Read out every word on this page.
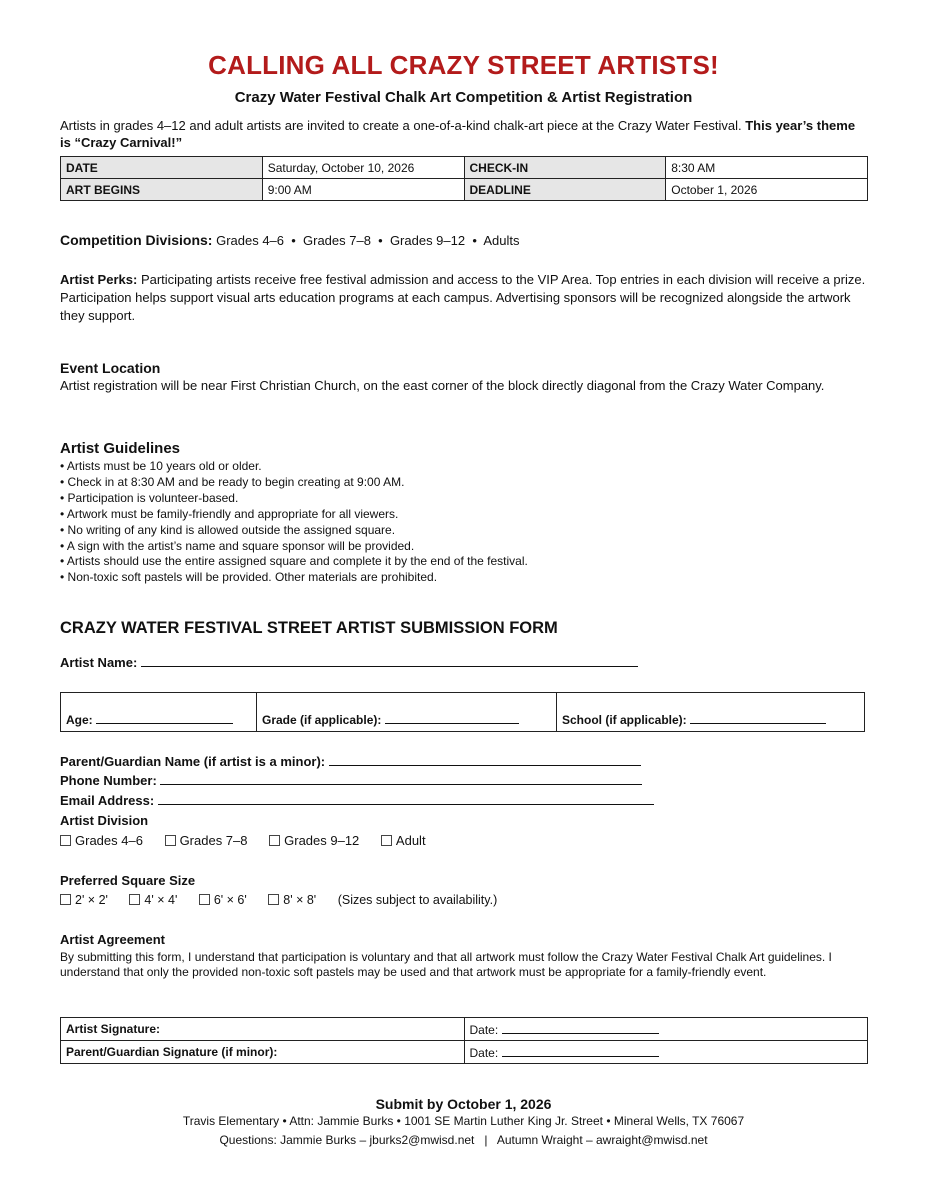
CALLING ALL CRAZY STREET ARTISTS!
Crazy Water Festival Chalk Art Competition & Artist Registration
Artists in grades 4–12 and adult artists are invited to create a one-of-a-kind chalk-art piece at the Crazy Water Festival. This year’s theme is “Crazy Carnival!”
DATE	Saturday, October 10, 2026	CHECK-IN	8:30 AM
ART BEGINS	9:00 AM	DEADLINE	October 1, 2026
Competition Divisions: Grades 4–6  •  Grades 7–8  •  Grades 9–12  •  Adults
Artist Perks: Participating artists receive free festival admission and access to the VIP Area. Top entries in each division will receive a prize. Participation helps support visual arts education programs at each campus. Advertising sponsors will be recognized alongside the artwork they support.
Event Location
Artist registration will be near First Christian Church, on the east corner of the block directly diagonal from the Crazy Water Company.
Artist Guidelines
• Artists must be 10 years old or older.
• Check in at 8:30 AM and be ready to begin creating at 9:00 AM.
• Participation is volunteer-based.
• Artwork must be family-friendly and appropriate for all viewers.
• No writing of any kind is allowed outside the assigned square.
• A sign with the artist’s name and square sponsor will be provided.
• Artists should use the entire assigned square and complete it by the end of the festival.
• Non-toxic soft pastels will be provided. Other materials are prohibited.
CRAZY WATER FESTIVAL STREET ARTIST SUBMISSION FORM
Artist Name:
Age:	Grade (if applicable):	School (if applicable):
Parent/Guardian Name (if artist is a minor):
Phone Number:
Email Address:
Artist Division
Grades 4–6	Grades 7–8	Grades 9–12	Adult
Preferred Square Size
2' × 2'	4' × 4'	6' × 6'	8' × 8' (Sizes subject to availability.)
Artist Agreement
By submitting this form, I understand that participation is voluntary and that all artwork must follow the Crazy Water Festival Chalk Art guidelines. I understand that only the provided non-toxic soft pastels may be used and that artwork must be appropriate for a family-friendly event.
Artist Signature:	Date:
Parent/Guardian Signature (if minor):	Date:
Submit by October 1, 2026
Travis Elementary • Attn: Jammie Burks • 1001 SE Martin Luther King Jr. Street • Mineral Wells, TX 76067
Questions: Jammie Burks – jburks2@mwisd.net   |   Autumn Wraight – awraight@mwisd.net
